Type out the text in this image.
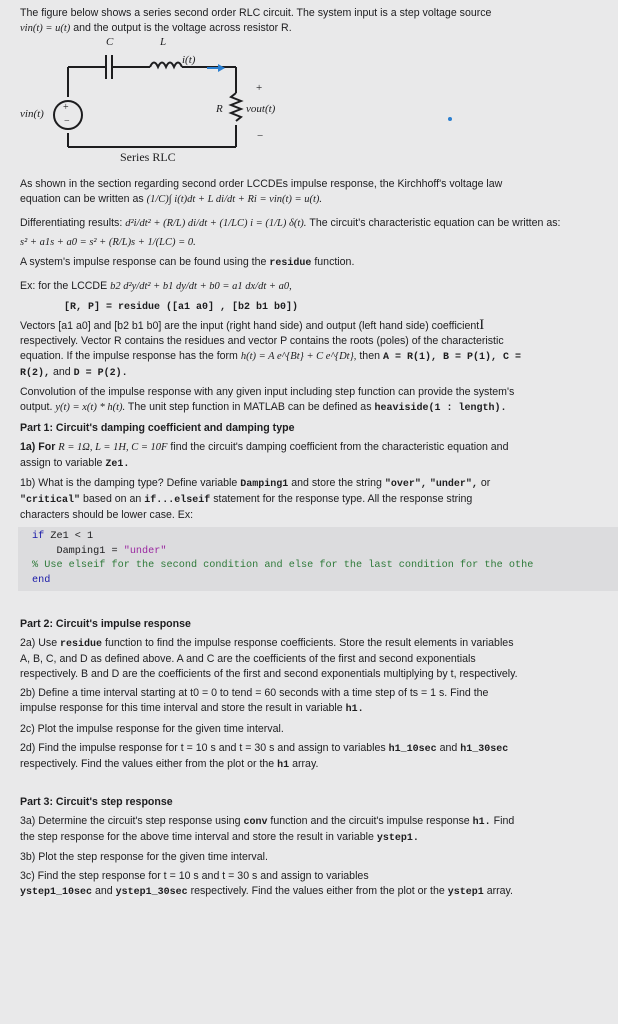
The figure below shows a series second order RLC circuit. The system input is a step voltage source

vin(t) = u(t) and the output is the voltage across resistor R.

C	L
i(t)
R
vin(t)
+
−
vout(t)
+
−
Series RLC

As shown in the section regarding second order LCCDEs impulse response, the Kirchhoff's voltage law

equation can be written as (1/C)∫ i(t)dt + L di/dt + Ri = vin(t) = u(t).

Differentiating results: d²i/dt² + (R/L) di/dt + (1/LC) i = (1/L) δ(t). The circuit's characteristic equation can be written as:

s² + a1s + a0 = s² + (R/L)s + 1/(LC) = 0.

A system's impulse response can be found using the residue function.

Ex: for the LCCDE b2 d²y/dt² + b1 dy/dt + b0 = a1 dx/dt + a0,

[R, P] = residue ([a1 a0] , [b2 b1 b0])

Vectors [a1 a0] and [b2 b1 b0] are the input (right hand side) and output (left hand side) coefficientI

respectively. Vector R contains the residues and vector P contains the roots (poles) of the characteristic

equation. If the impulse response has the form h(t) = A e^{Bt} + C e^{Dt}, then A = R(1), B = P(1), C =

R(2), and D = P(2).

Convolution of the impulse response with any given input including step function can provide the system's

output. y(t) = x(t) * h(t). The unit step function in MATLAB can be defined as heaviside(1 : length).

Part 1: Circuit's damping coefficient and damping type

1a) For R = 1Ω, L = 1H, C = 10F find the circuit's damping coefficient from the characteristic equation and

assign to variable Ze1.

1b) What is the damping type? Define variable Damping1 and store the string "over", "under", or

"critical" based on an if...elseif statement for the response type. All the response string

characters should be lower case. Ex:

if Ze1 < 1
Damping1 = "under"
% Use elseif for the second condition and else for the last condition for the othe
end

Part 2: Circuit's impulse response

2a) Use residue function to find the impulse response coefficients. Store the result elements in variables

A, B, C, and D as defined above. A and C are the coefficients of the first and second exponentials

respectively. B and D are the coefficients of the first and second exponentials multiplying by t, respectively.

2b) Define a time interval starting at t0 = 0 to tend = 60 seconds with a time step of ts = 1 s. Find the

impulse response for this time interval and store the result in variable h1.

2c) Plot the impulse response for the given time interval.

2d) Find the impulse response for t = 10 s and t = 30 s and assign to variables h1_10sec and h1_30sec

respectively. Find the values either from the plot or the h1 array.

Part 3: Circuit's step response

3a) Determine the circuit's step response using conv function and the circuit's impulse response h1. Find

the step response for the above time interval and store the result in variable ystep1.

3b) Plot the step response for the given time interval.

3c) Find the step response for t = 10 s and t = 30 s and assign to variables

ystep1_10sec and ystep1_30sec respectively. Find the values either from the plot or the ystep1 array.
